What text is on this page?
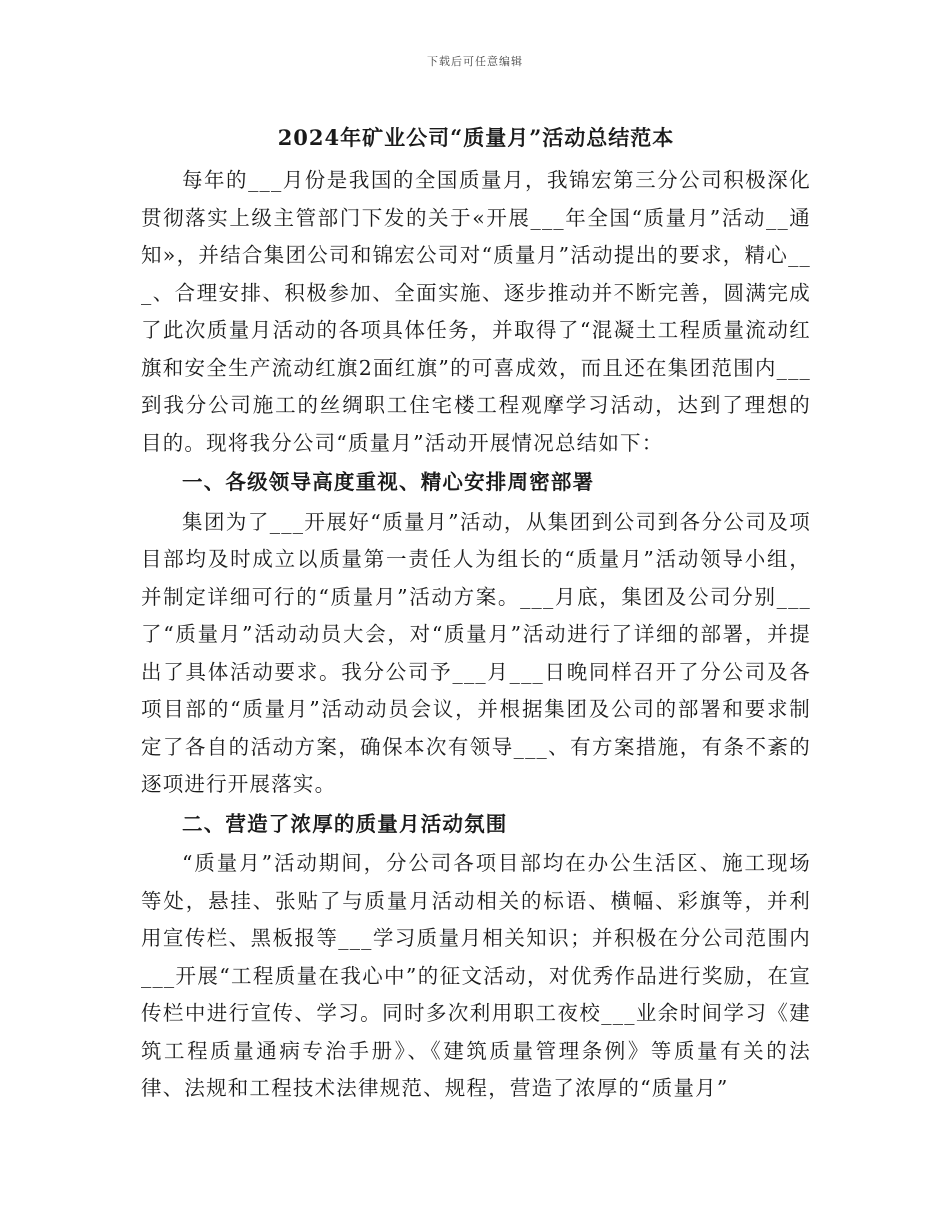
下载后可任意编辑
2024年矿业公司“质量月”活动总结范本

每年的___月份是我国的全国质量月，我锦宏第三分公司积极深化贯彻落实上级主管部门下发的关于«开展___年全国“质量月”活动__通知»，并结合集团公司和锦宏公司对“质量月”活动提出的要求，精心___、合理安排、积极参加、全面实施、逐步推动并不断完善，圆满完成了此次质量月活动的各项具体任务，并取得了“混凝土工程质量流动红旗和安全生产流动红旗2面红旗”的可喜成效，而且还在集团范围内___到我分公司施工的丝绸职工住宅楼工程观摩学习活动，达到了理想的目的。现将我分公司“质量月”活动开展情况总结如下：

一、各级领导高度重视、精心安排周密部署

集团为了___开展好“质量月”活动，从集团到公司到各分公司及项目部均及时成立以质量第一责任人为组长的“质量月”活动领导小组，并制定详细可行的“质量月”活动方案。___月底，集团及公司分别___了“质量月”活动动员大会，对“质量月”活动进行了详细的部署，并提出了具体活动要求。我分公司予___月___日晚同样召开了分公司及各项目部的“质量月”活动动员会议，并根据集团及公司的部署和要求制定了各自的活动方案，确保本次有领导___、有方案措施，有条不紊的逐项进行开展落实。

二、营造了浓厚的质量月活动氛围

“质量月”活动期间，分公司各项目部均在办公生活区、施工现场等处，悬挂、张贴了与质量月活动相关的标语、横幅、彩旗等，并利用宣传栏、黑板报等___学习质量月相关知识；并积极在分公司范围内___开展“工程质量在我心中”的征文活动，对优秀作品进行奖励，在宣传栏中进行宣传、学习。同时多次利用职工夜校___业余时间学习《建筑工程质量通病专治手册》、《建筑质量管理条例》等质量有关的法律、法规和工程技术法律规范、规程，营造了浓厚的“质量月”
